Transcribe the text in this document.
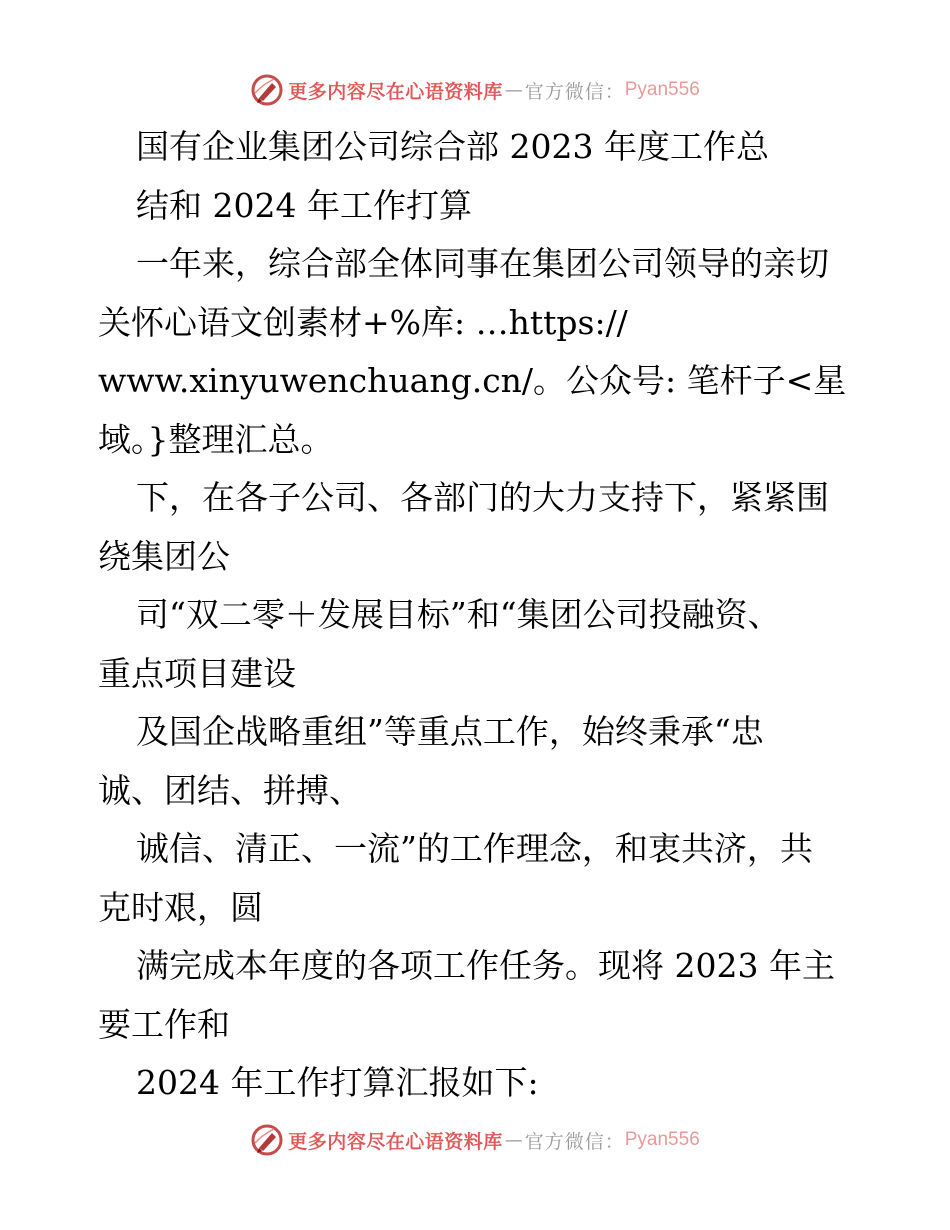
更多内容尽在心语资料库 — 官方微信： Pyan556
国有企业集团公司综合部 2023 年度工作总
结和 2024 年工作打算
一年来，综合部全体同事在集团公司领导的亲切
关怀心语文创素材+%库: …https://
www.xinyuwenchuang.cn/。公众号: 笔杆子<星
域。}整理汇总。
下，在各子公司、各部门的大力支持下，紧紧围
绕集团公
司“双二零＋发展目标”和“集团公司投融资、
重点项目建设
及国企战略重组”等重点工作，始终秉承“忠
诚、团结、拼搏、
诚信、清正、一流”的工作理念，和衷共济，共
克时艰，圆
满完成本年度的各项工作任务。现将 2023 年主
要工作和
2024 年工作打算汇报如下:
更多内容尽在心语资料库 — 官方微信： Pyan556
